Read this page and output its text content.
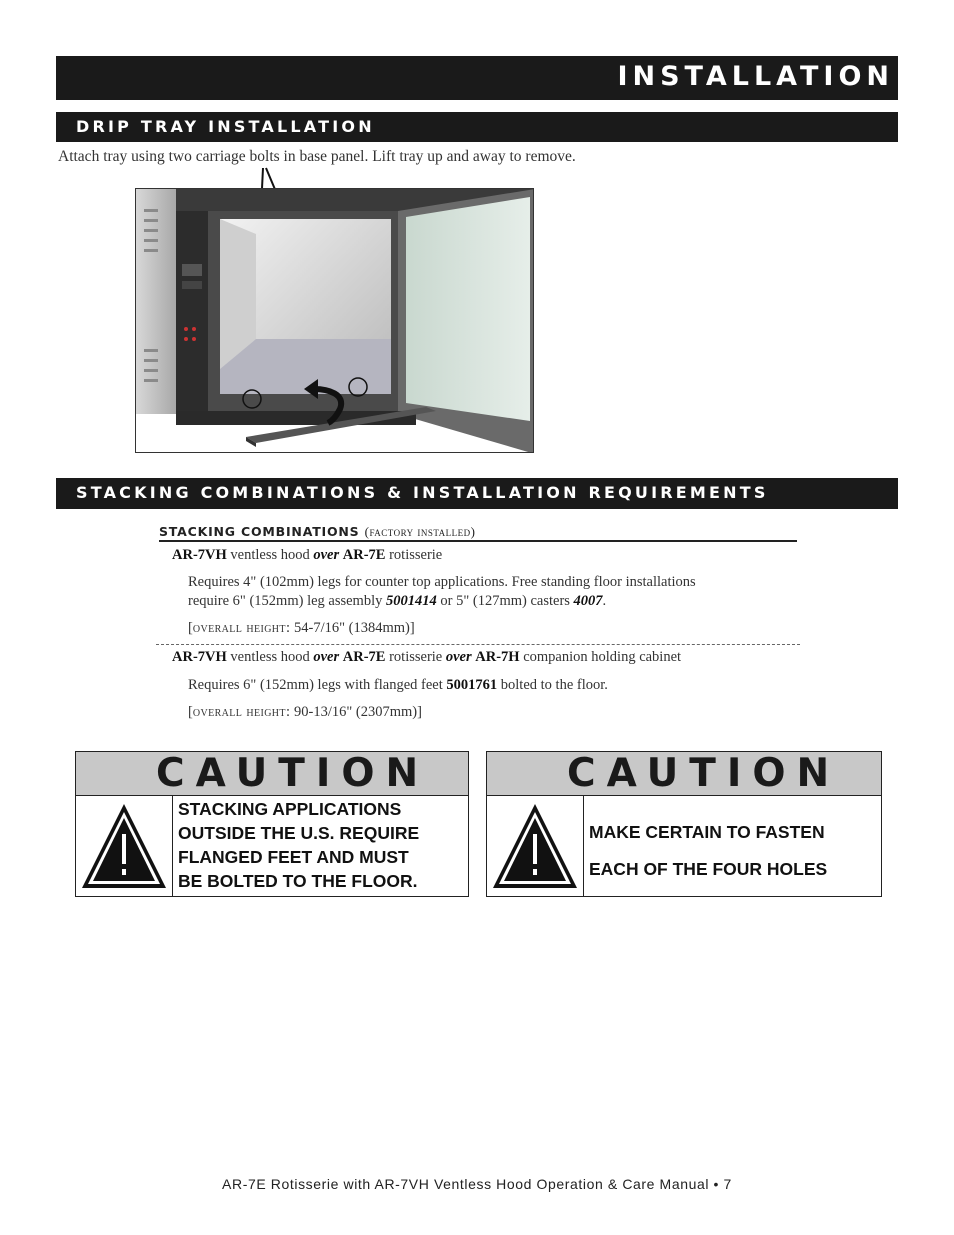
INSTALLATION
DRIP TRAY INSTALLATION
Attach tray using two carriage bolts in base panel. Lift tray up and away to remove.
STACKING COMBINATIONS & INSTALLATION REQUIREMENTS
STACKING COMBINATIONS (factory installed)
AR-7VH ventless hood over AR-7E rotisserie
Requires 4" (102mm) legs for counter top applications. Free standing floor installations
require 6" (152mm) leg assembly 5001414 or 5" (127mm) casters 4007.
[overall height: 54-7/16" (1384mm)]
AR-7VH ventless hood over AR-7E rotisserie over AR-7H companion holding cabinet
Requires 6" (152mm) legs with flanged feet 5001761 bolted to the floor.
[overall height: 90-13/16" (2307mm)]
CAUTION
STACKING APPLICATIONS
OUTSIDE THE U.S. REQUIRE
FLANGED FEET AND MUST
BE BOLTED TO THE FLOOR.
CAUTION
MAKE CERTAIN TO FASTEN
EACH OF THE FOUR HOLES
AR-7E Rotisserie with AR-7VH Ventless Hood Operation & Care Manual • 7
